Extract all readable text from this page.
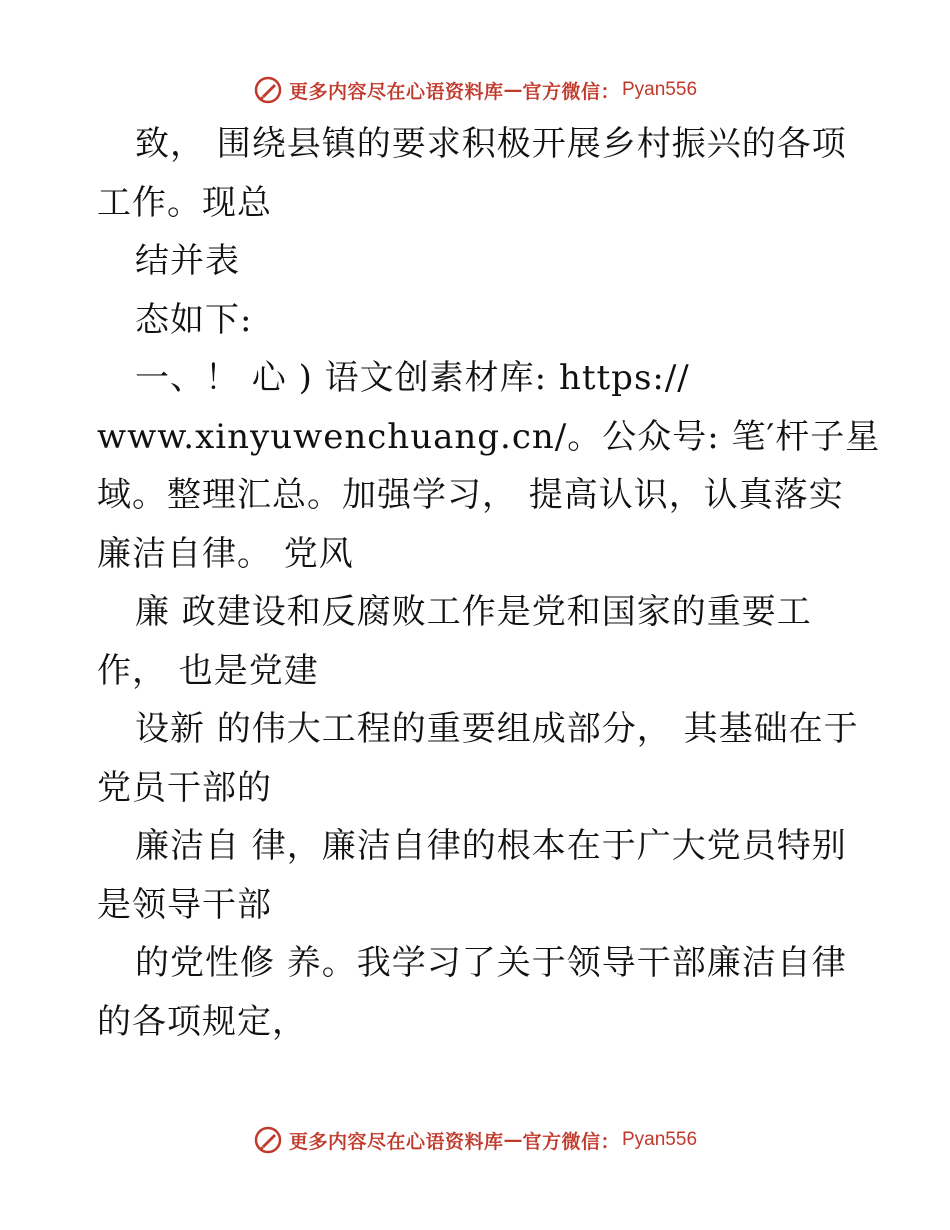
更多内容尽在心语资料库 — 官方微信： Pyan556
致， 围绕县镇的要求积极开展乡村振兴的各项
工作。现总
结并表
态如下:
一、！ 心 ) 语文创素材库: https://
www.xinyuwenchuang.cn/。公众号: 笔′杆子星
域。整理汇总。加强学习， 提高认识，认真落实
廉洁自律。 党风
廉 政建设和反腐败工作是党和国家的重要工
作， 也是党建
设新 的伟大工程的重要组成部分， 其基础在于
党员干部的
廉洁自 律，廉洁自律的根本在于广大党员特别
是领导干部
的党性修 养。我学习了关于领导干部廉洁自律
的各项规定，
更多内容尽在心语资料库 — 官方微信： Pyan556
